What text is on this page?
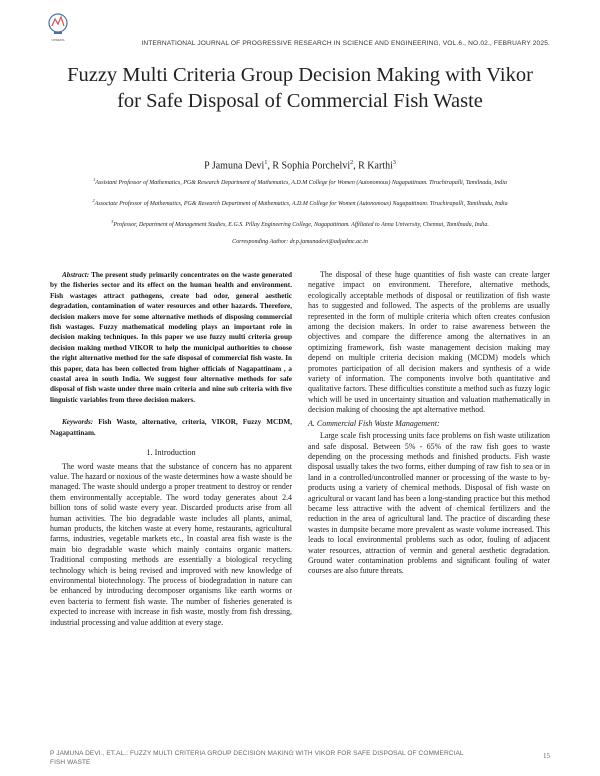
IJPREMS	INTERNATIONAL JOURNAL OF PROGRESSIVE RESEARCH IN SCIENCE AND ENGINEERING, VOL.6., NO.02., FEBRUARY 2025.
Fuzzy Multi Criteria Group Decision Making with Vikor for Safe Disposal of Commercial Fish Waste
P Jamuna Devi$^1$, R Sophia Porchelvi$^2$, R Karthi$^3$
$^1$Assistant Professor of Mathematics, PG& Research Department of Mathematics, A.D.M College for Women (Autonomous) Nagapattinam. Tiruchirapalli, Tamilnadu, India
$^2$Associate Professor of Mathematics, PG& Research Department of Mathematics, A.D.M College for Women (Autonomous) Nagapattinam. Tiruchirapalli, Tamilnadu, India
$^3$Professor, Department of Management Studies, E.G.S. Pillay Engineering College, Nagapattinam. Affiliated to Anna University, Chennai, Tamilnadu, India.
Corresponding Author: dr.p.jamunadevi@adjadmc.ac.in
Abstract: The present study primarily concentrates on the waste generated by the fisheries sector and its effect on the human health and environment. Fish wastages attract pathogens, create bad odor, general aesthetic degradation, contamination of water resources and other hazards. Therefore, decision makers move for some alternative methods of disposing commercial fish wastages. Fuzzy mathematical modeling plays an important role in decision making techniques. In this paper we use fuzzy multi criteria group decision making method VIKOR to help the municipal authorities to choose the right alternative method for the safe disposal of commercial fish waste. In this paper, data has been collected from higher officials of Nagapattinam , a coastal area in south India. We suggest four alternative methods for safe disposal of fish waste under three main criteria and nine sub criteria with five linguistic variables from three decision makers.
Keywords: Fish Waste, alternative, criteria, VIKOR, Fuzzy MCDM, Nagapattinam.
1. Introduction

The word waste means that the substance of concern has no apparent value. The hazard or noxious of the waste determines how a waste should be managed. The waste should undergo a proper treatment to destroy or render them environmentally acceptable. The word today generates about 2.4 billion tons of solid waste every year. Discarded products arise from all human activities. The bio degradable waste includes all plants, animal, human products, the kitchen waste at every home, restaurants, agricultural farms, industries, vegetable markets etc., In coastal area fish waste is the main bio degradable waste which mainly contains organic matters. Traditional composting methods are essentially a biological recycling technology which is being revised and improved with new knowledge of environmental biotechnology. The process of biodegradation in nature can be enhanced by introducing decomposer organisms like earth worms or even bacteria to ferment fish waste. The number of fisheries generated is expected to increase with increase in fish waste, mostly from fish dressing, industrial processing and value addition at every stage.

The disposal of these huge quantities of fish waste can create larger negative impact on environment. Therefore, alternative methods, ecologically acceptable methods of disposal or reutilization of fish waste has to suggested and followed. The aspects of the problems are usually represented in the form of multiple criteria which often creates confusion among the decision makers. In order to raise awareness between the objectives and compare the difference among the alternatives in an optimizing framework, fish waste management decision making may depend on multiple criteria decision making (MCDM) models which promotes participation of all decision makers and synthesis of a wide variety of information. The components involve both quantitative and qualitative factors. These difficulties constitute a method such as fuzzy logic which will be used in uncertainty situation and valuation mathematically in decision making of choosing the apt alternative method.

A. Commercial Fish Waste Management:

Large scale fish processing units face problems on fish waste utilization and safe disposal. Between 5% - 65% of the raw fish goes to waste depending on the processing methods and finished products. Fish waste disposal usually takes the two forms, either dumping of raw fish to sea or in land in a controlled/uncontrolled manner or processing of the waste to by-products using a variety of chemical methods. Disposal of fish waste on agricultural or vacant land has been a long-standing practice but this method became less attractive with the advent of chemical fertilizers and the reduction in the area of agricultural land. The practice of discarding these wastes in dumpsite became more prevalent as waste volume increased. This leads to local environmental problems such as odor, fouling of adjacent water resources, attraction of vermin and general aesthetic degradation. Ground water contamination problems and significant fouling of water courses are also future threats.

P JAMUNA DEVI., ET.AL.: FUZZY MULTI CRITERIA GROUP DECISION MAKING WITH VIKOR FOR SAFE DISPOSAL OF COMMERCIAL FISH WASTE
15
